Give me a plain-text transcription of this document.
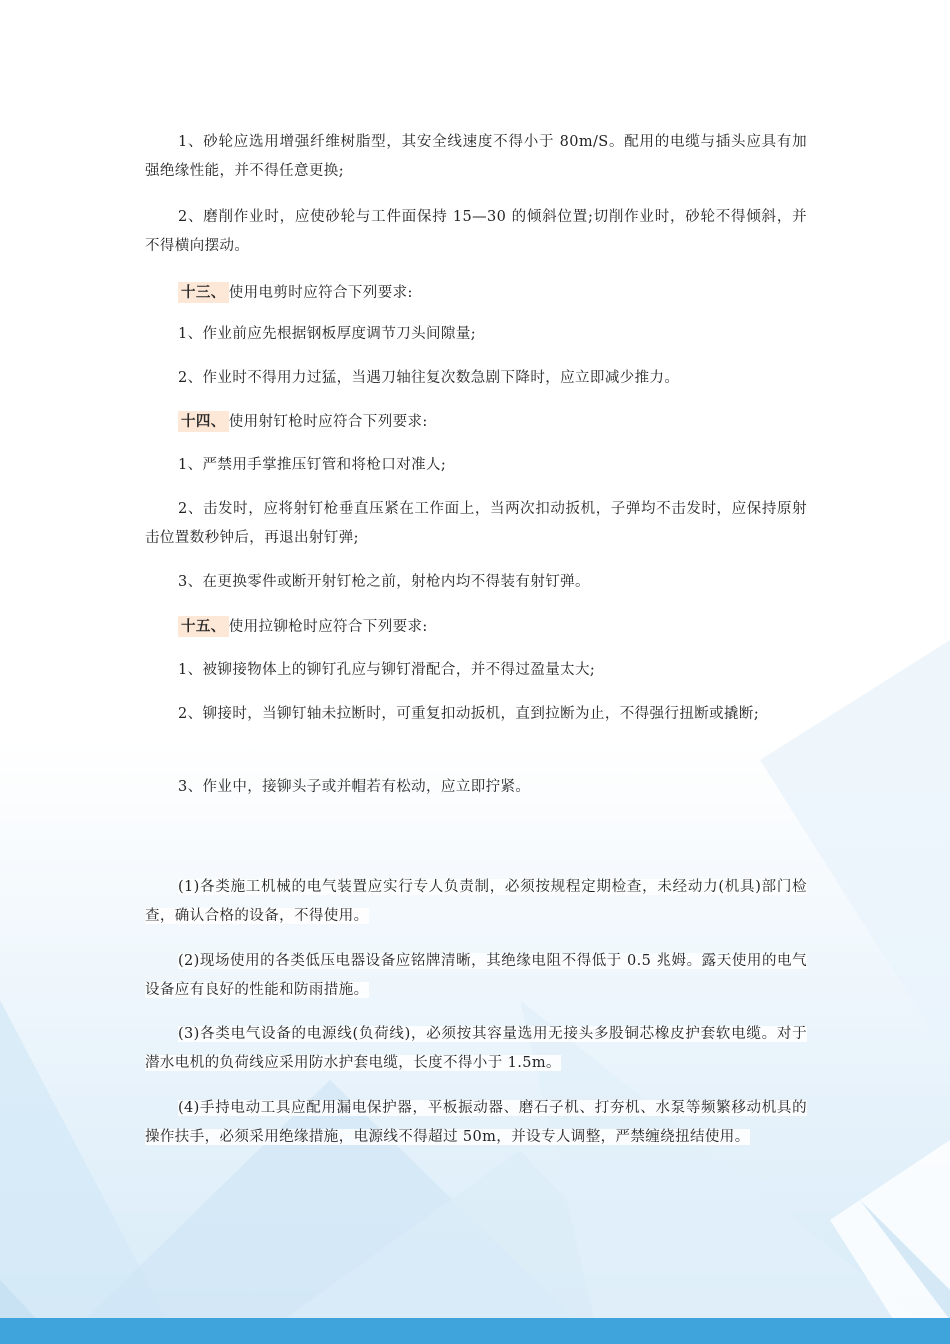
1、砂轮应选用增强纤维树脂型，其安全线速度不得小于 80m/S。配用的电缆与插头应具有加强绝缘性能，并不得任意更换;

2、磨削作业时，应使砂轮与工件面保持 15—30 的倾斜位置;切削作业时，砂轮不得倾斜，并不得横向摆动。

十三、 使用电剪时应符合下列要求:

1、作业前应先根据钢板厚度调节刀头间隙量;

2、作业时不得用力过猛，当遇刀轴往复次数急剧下降时，应立即减少推力。

十四、 使用射钉枪时应符合下列要求:

1、严禁用手掌推压钉管和将枪口对准人;

2、击发时，应将射钉枪垂直压紧在工作面上，当两次扣动扳机，子弹均不击发时，应保持原射击位置数秒钟后，再退出射钉弹;

3、在更换零件或断开射钉枪之前，射枪内均不得装有射钉弹。

十五、 使用拉铆枪时应符合下列要求:

1、被铆接物体上的铆钉孔应与铆钉滑配合，并不得过盈量太大;

2、铆接时，当铆钉轴未拉断时，可重复扣动扳机，直到拉断为止，不得强行扭断或撬断;

3、作业中，接铆头子或并帽若有松动，应立即拧紧。

(1)各类施工机械的电气装置应实行专人负责制，必须按规程定期检查，未经动力(机具)部门检查，确认合格的设备，不得使用。

(2)现场使用的各类低压电器设备应铭牌清晰，其绝缘电阻不得低于 0.5 兆姆。露天使用的电气设备应有良好的性能和防雨措施。

(3)各类电气设备的电源线(负荷线)，必须按其容量选用无接头多股铜芯橡皮护套软电缆。对于潜水电机的负荷线应采用防水护套电缆，长度不得小于 1.5m。

(4)手持电动工具应配用漏电保护器，平板振动器、磨石子机、打夯机、水泵等频繁移动机具的操作扶手，必须采用绝缘措施，电源线不得超过 50m，并设专人调整，严禁缠绕扭结使用。
